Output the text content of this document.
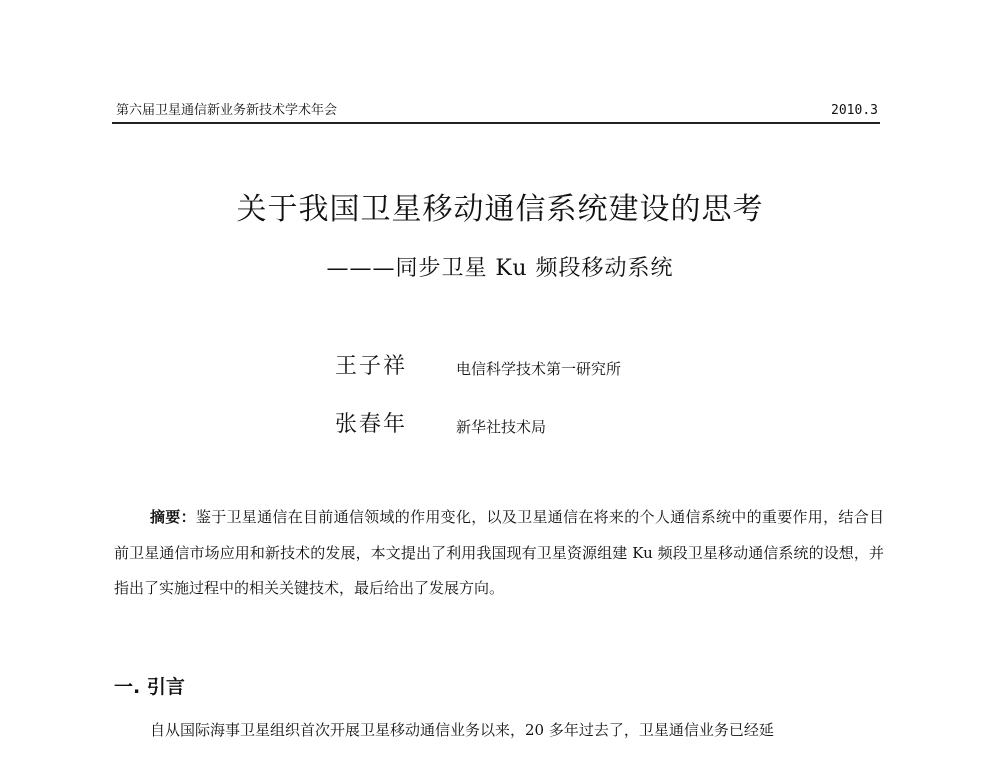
第六届卫星通信新业务新技术学术年会	2010.3
关于我国卫星移动通信系统建设的思考
———同步卫星 Ku 频段移动系统
王子祥	电信科学技术第一研究所
张春年	新华社技术局

摘要：鉴于卫星通信在目前通信领域的作用变化，以及卫星通信在将来的个人通信系统中的重要作用，结合目前卫星通信市场应用和新技术的发展，本文提出了利用我国现有卫星资源组建 Ku 频段卫星移动通信系统的设想，并指出了实施过程中的相关关键技术，最后给出了发展方向。

一. 引言

自从国际海事卫星组织首次开展卫星移动通信业务以来，20 多年过去了，卫星通信业务已经延
